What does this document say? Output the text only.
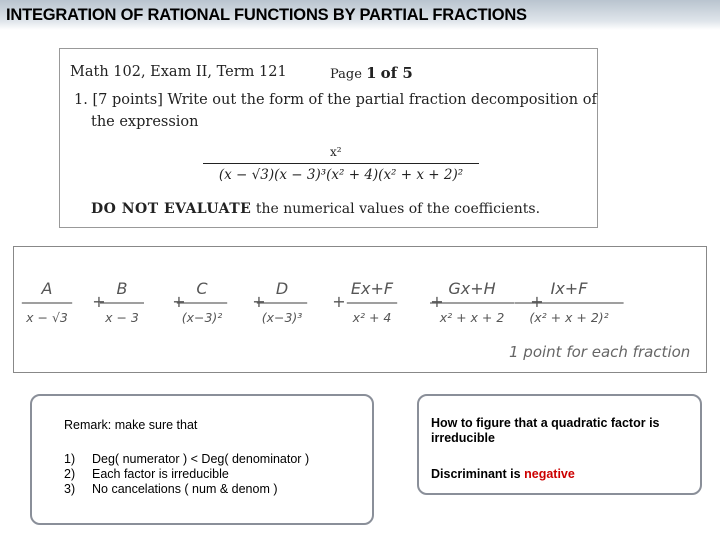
INTEGRATION OF RATIONAL FUNCTIONS BY PARTIAL FRACTIONS
Math 102, Exam II, Term 121	Page 1 of 5
1. [7 points] Write out the form of the partial fraction decomposition of
the expression
x²
(x − √3)(x − 3)³(x² + 4)(x² + x + 2)²
DO NOT EVALUATE the numerical values of the coefficients.
A
x − √3
B
x − 3
C
(x−3)²
D
(x−3)³
Ex+F
x² + 4
Gx+H
x² + x + 2
Ix+F
(x² + x + 2)²
+	+	+	+	+	+
1 point for each fraction
Remark: make sure that
1) Deg( numerator ) < Deg( denominator )
2) Each factor is irreducible
3) No cancelations ( num & denom )
How to figure that a quadratic factor is irreducible
Discriminant is negative
